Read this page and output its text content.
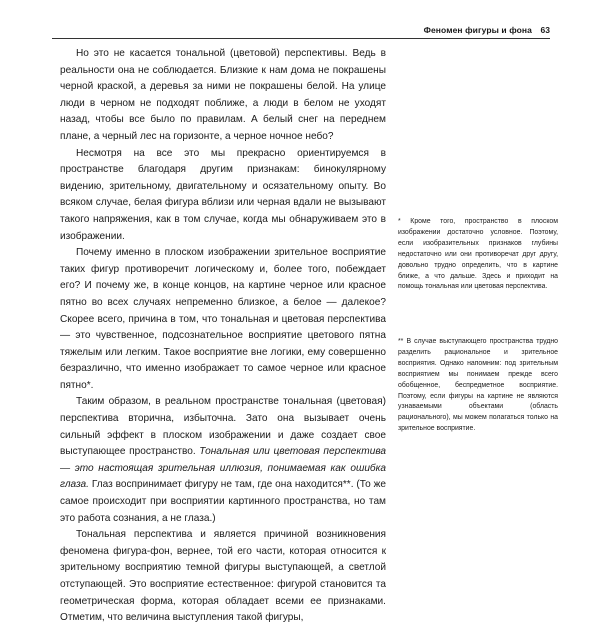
Феномен фигуры и фона 63

Но это не касается тональной (цветовой) перспективы. Ведь в реальности она не соблюдается. Близкие к нам дома не покрашены черной краской, а деревья за ними не покрашены белой. На улице люди в черном не подходят поближе, а люди в белом не уходят назад, чтобы все было по правилам. А белый снег на переднем плане, а черный лес на горизонте, а черное ночное небо?

Несмотря на все это мы прекрасно ориентируемся в пространстве благодаря другим признакам: бинокулярному видению, зрительному, двигательному и осязательному опыту. Во всяком случае, белая фигура вблизи или черная вдали не вызывают такого напряжения, как в том случае, когда мы обнаруживаем это в изображении.

Почему именно в плоском изображении зрительное восприятие таких фигур противоречит логическому и, более того, побеждает его? И почему же, в конце концов, на картине черное или красное пятно во всех случаях непременно близкое, а белое — далекое? Скорее всего, причина в том, что тональная и цветовая перспектива — это чувственное, подсознательное восприятие цветового пятна тяжелым или легким. Такое восприятие вне логики, ему совершенно безразлично, что именно изображает то самое черное или красное пятно*.

Таким образом, в реальном пространстве тональная (цветовая) перспектива вторична, избыточна. Зато она вызывает очень сильный эффект в плоском изображении и даже создает свое выступающее пространство. Тональная или цветовая перспектива — это настоящая зрительная иллюзия, понимаемая как ошибка глаза. Глаз воспринимает фигуру не там, где она находится**. (То же самое происходит при восприятии картинного пространства, но там это работа сознания, а не глаза.)

Тональная перспектива и является причиной возникновения феномена фигура-фон, вернее, той его части, которая относится к зрительному восприятию темной фигуры выступающей, а светлой отступающей. Это восприятие естественное: фигурой становится та геометрическая форма, которая обладает всеми ее признаками. Отметим, что величина выступления такой фигуры,

* Кроме того, пространство в плоском изображении достаточно условное. Поэтому, если изобразительных признаков глубины недостаточно или они противоречат друг другу, довольно трудно определить, что в картине ближе, а что дальше. Здесь и приходит на помощь тональная или цветовая перспектива.
** В случае выступающего пространства трудно разделить рациональное и зрительное восприятия. Однако напомним: под зрительным восприятием мы понимаем прежде всего обобщенное, беспредметное восприятие. Поэтому, если фигуры на картине не являются узнаваемыми объектами (область рационального), мы можем полагаться только на зрительное восприятие.
